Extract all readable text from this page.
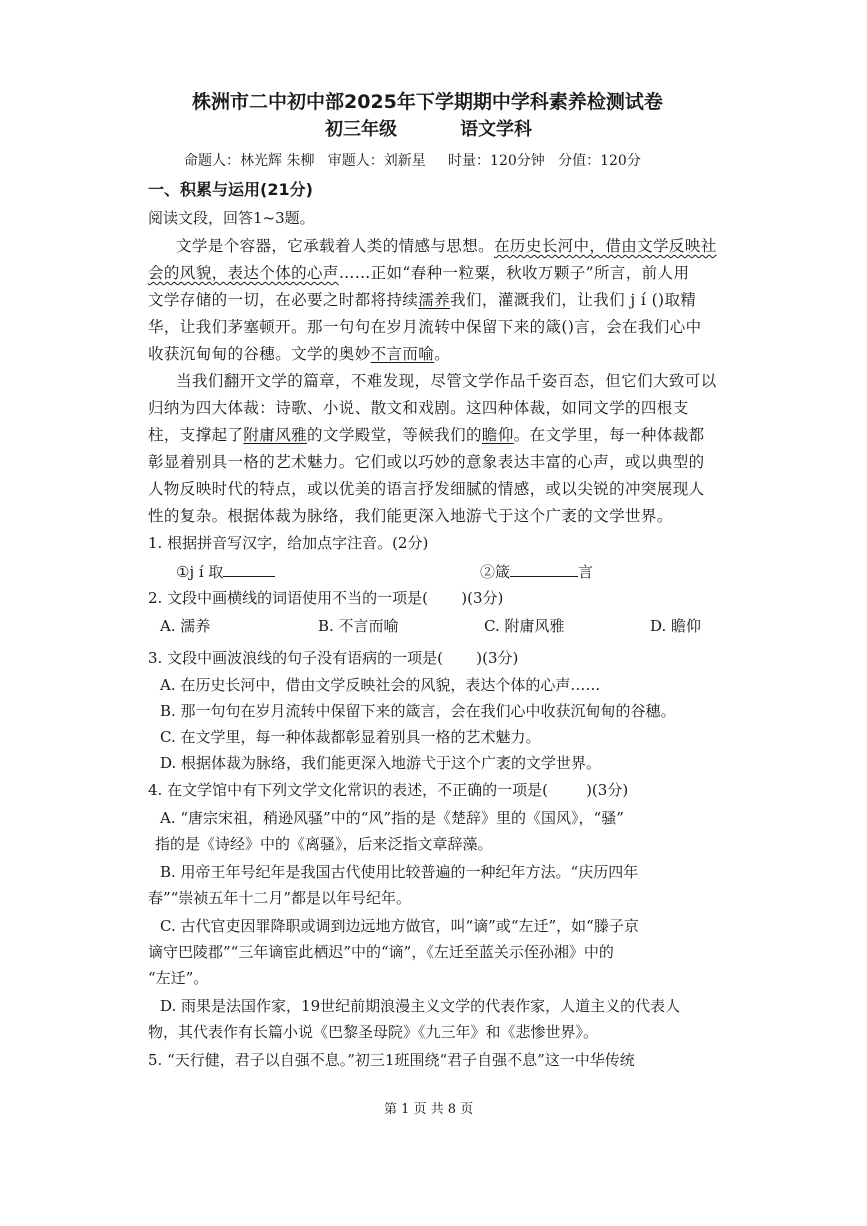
株洲市二中初中部2025年下学期期中学科素养检测试卷
初三年级	语文学科
命题人：林光辉 朱柳   审题人：刘新星     时量：120分钟   分值：120分
一、积累与运用(21分)
阅读文段，回答1~3题。
文学是个容器，它承载着人类的情感与思想。在历史长河中，借由文学反映社
会的风貌，表达个体的心声……正如“春种一粒粟，秋收万颗子”所言，前人用
文学存储的一切，在必要之时都将持续濡养我们，灌溉我们，让我们 j í ()取精
华，让我们茅塞顿开。那一句句在岁月流转中保留下来的箴()言，会在我们心中
收获沉甸甸的谷穗。文学的奥妙不言而喻。
当我们翻开文学的篇章，不难发现，尽管文学作品千姿百态，但它们大致可以
归纳为四大体裁：诗歌、小说、散文和戏剧。这四种体裁，如同文学的四根支
柱，支撑起了附庸风雅的文学殿堂，等候我们的瞻仰。在文学里，每一种体裁都
彰显着别具一格的艺术魅力。它们或以巧妙的意象表达丰富的心声，或以典型的
人物反映时代的特点，或以优美的语言抒发细腻的情感，或以尖锐的冲突展现人
性的复杂。根据体裁为脉络，我们能更深入地游弋于这个广袤的文学世界。
1. 根据拼音写汉字，给加点字注音。(2分)
①j í 取	②箴	言
2. 文段中画横线的词语使用不当的一项是(       )(3分)
A. 濡养	B. 不言而喻	C. 附庸风雅	D. 瞻仰
3. 文段中画波浪线的句子没有语病的一项是(       )(3分)
A. 在历史长河中，借由文学反映社会的风貌，表达个体的心声……
B. 那一句句在岁月流转中保留下来的箴言，会在我们心中收获沉甸甸的谷穗。
C. 在文学里，每一种体裁都彰显着别具一格的艺术魅力。
D. 根据体裁为脉络，我们能更深入地游弋于这个广袤的文学世界。
4. 在文学馆中有下列文学文化常识的表述，不正确的一项是(        )(3分)
A. “唐宗宋祖，稍逊风骚”中的“风”指的是《楚辞》里的《国风》，“骚”
指的是《诗经》中的《离骚》，后来泛指文章辞藻。
B. 用帝王年号纪年是我国古代使用比较普遍的一种纪年方法。“庆历四年
春”“崇祯五年十二月”都是以年号纪年。
C. 古代官吏因罪降职或调到边远地方做官，叫“谪”或“左迁”，如“滕子京
谪守巴陵郡”“三年谪宦此栖迟”中的“谪”，《左迁至蓝关示侄孙湘》中的
“左迁”。
D. 雨果是法国作家，19世纪前期浪漫主义文学的代表作家，人道主义的代表人
物，其代表作有长篇小说《巴黎圣母院》《九三年》和《悲惨世界》。
5. “天行健，君子以自强不息。”初三1班围绕“君子自强不息”这一中华传统
第 1 页 共 8 页
